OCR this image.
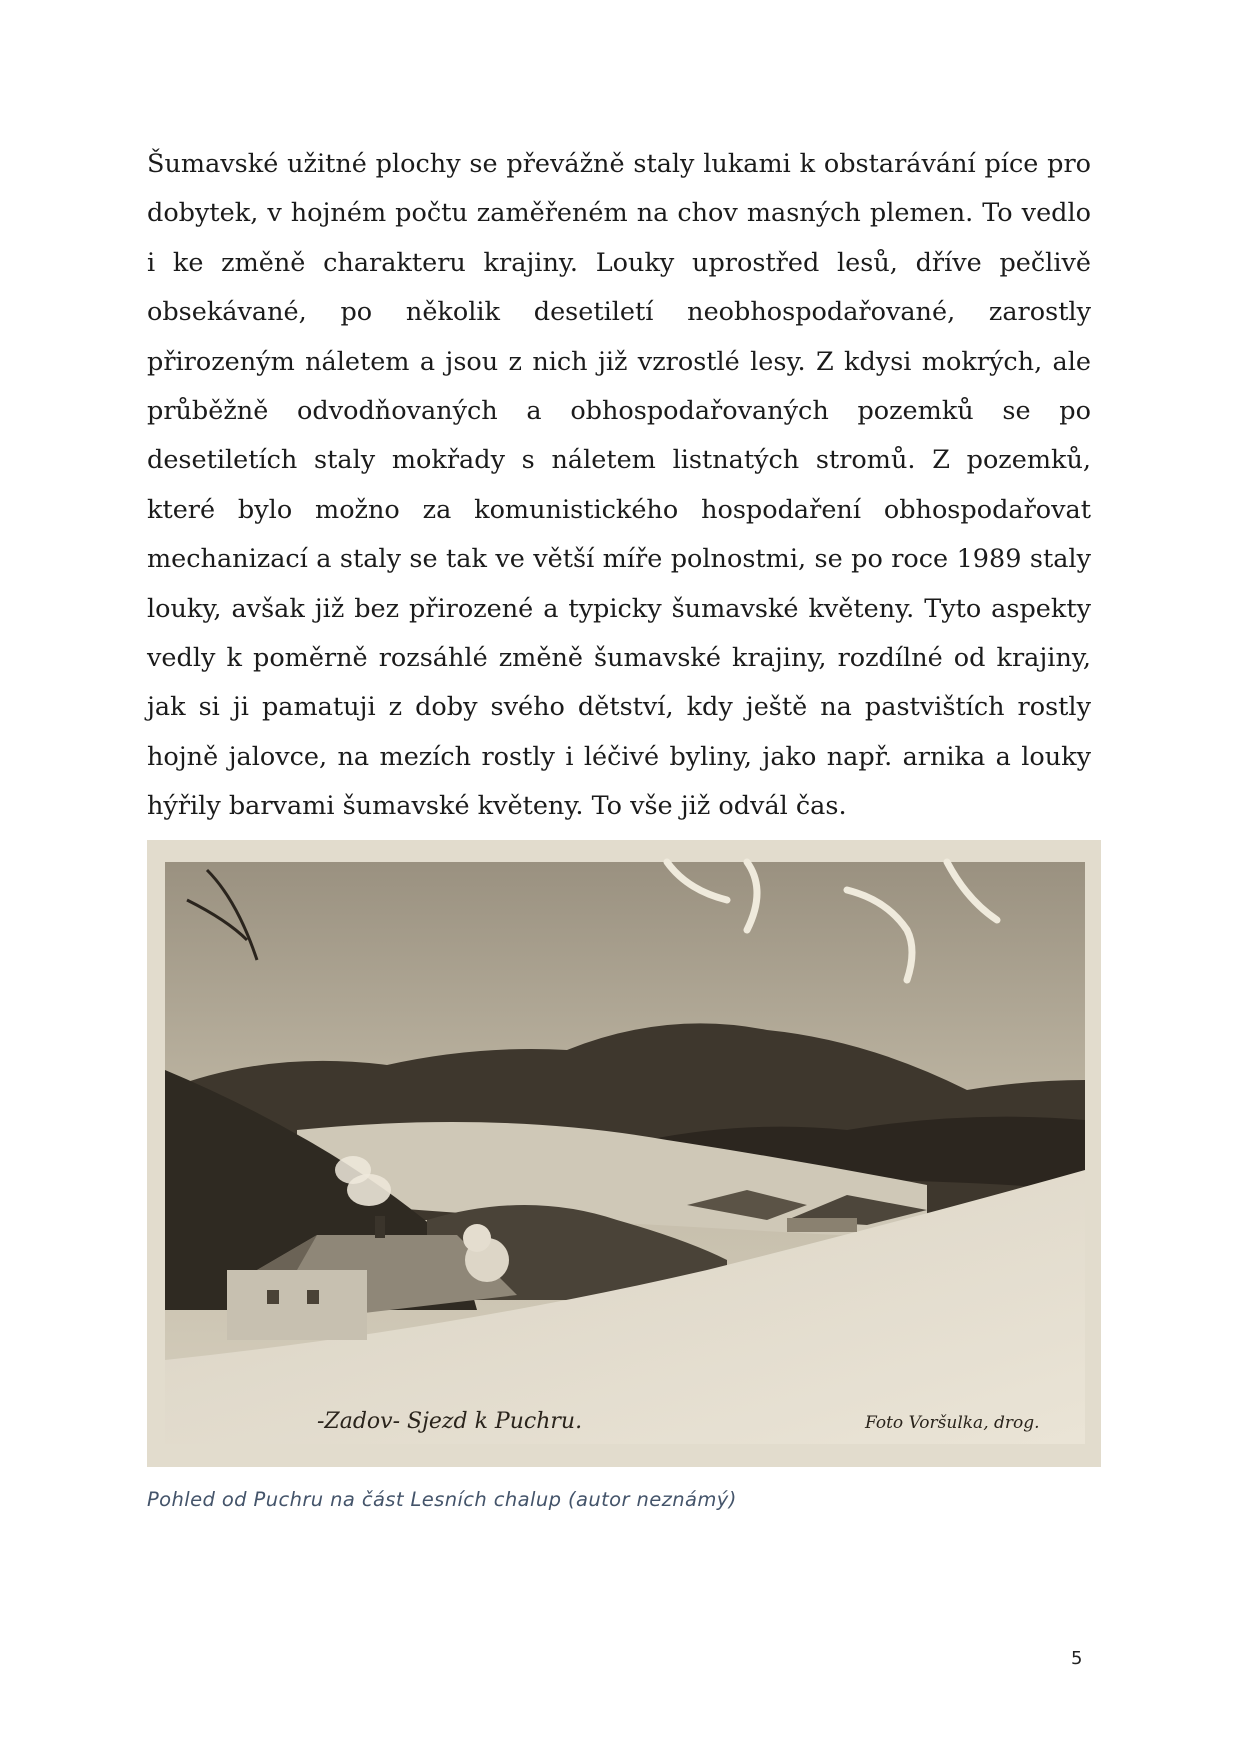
Šumavské užitné plochy se převážně staly lukami k obstarávání píce pro dobytek, v hojném počtu zaměřeném na chov masných plemen. To vedlo i ke změně charakteru krajiny. Louky uprostřed lesů, dříve pečlivě obsekávané, po několik desetiletí neobhospodařované, zarostly přirozeným náletem a jsou z nich již vzrostlé lesy. Z kdysi mokrých, ale průběžně odvodňovaných a obhospodařovaných pozemků se po desetiletích staly mokřady s náletem listnatých stromů. Z pozemků, které bylo možno za komunistického hospodaření obhospodařovat mechanizací a staly se tak ve větší míře polnostmi, se po roce 1989 staly louky, avšak již bez přirozené a typicky šumavské květeny. Tyto aspekty vedly k poměrně rozsáhlé změně šumavské krajiny, rozdílné od krajiny, jak si ji pamatuji z doby svého dětství, kdy ještě na pastvištích rostly hojně jalovce, na mezích rostly i léčivé byliny, jako např. arnika a louky hýřily barvami šumavské květeny. To vše již odvál čas.

-Zadov- Sjezd k Puchru.	Foto Voršulka, drog.
Pohled od Puchru na část Lesních chalup (autor neznámý)
5
